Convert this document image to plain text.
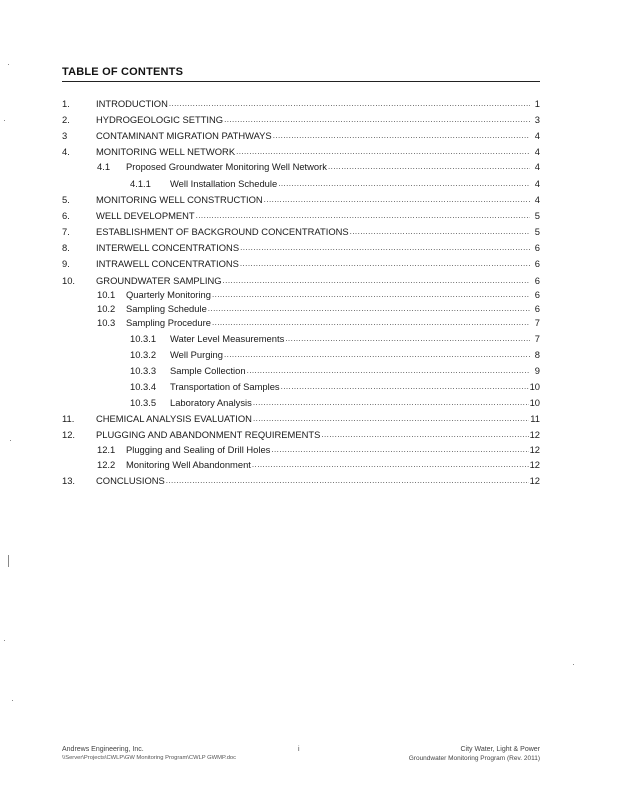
TABLE OF CONTENTS
1.	INTRODUCTION . . .	1
2.	HYDROGEOLOGIC SETTING . . .	3
3	CONTAMINANT MIGRATION PATHWAYS . . .	4
4.	MONITORING WELL NETWORK . . .	4
4.1	Proposed Groundwater Monitoring Well Network . . .	4
4.1.1	Well Installation Schedule . . .	4
5.	MONITORING WELL CONSTRUCTION . . .	4
6.	WELL DEVELOPMENT . . .	5
7.	ESTABLISHMENT OF BACKGROUND CONCENTRATIONS . . .	5
8.	INTERWELL CONCENTRATIONS . . .	6
9.	INTRAWELL CONCENTRATIONS . . .	6
10.	GROUNDWATER SAMPLING . . .	6
10.1	Quarterly Monitoring . . .	6
10.2	Sampling Schedule . . .	6
10.3	Sampling Procedure . . .	7
10.3.1	Water Level Measurements . . .	7
10.3.2	Well Purging . . .	8
10.3.3	Sample Collection . . .	9
10.3.4	Transportation of Samples . . .	10
10.3.5	Laboratory Analysis . . .	10
11.	CHEMICAL ANALYSIS EVALUATION . . .	11
12.	PLUGGING AND ABANDONMENT REQUIREMENTS . . .	12
12.1	Plugging and Sealing of Drill Holes . . .	12
12.2	Monitoring Well Abandonment . . .	12
13.	CONCLUSIONS . . .	12
Andrews Engineering, Inc.
\\Server\Projects\CWLP\GW Monitoring Program\CWLP GWMP.doc
i	City Water, Light & Power
Groundwater Monitoring Program (Rev. 2011)
